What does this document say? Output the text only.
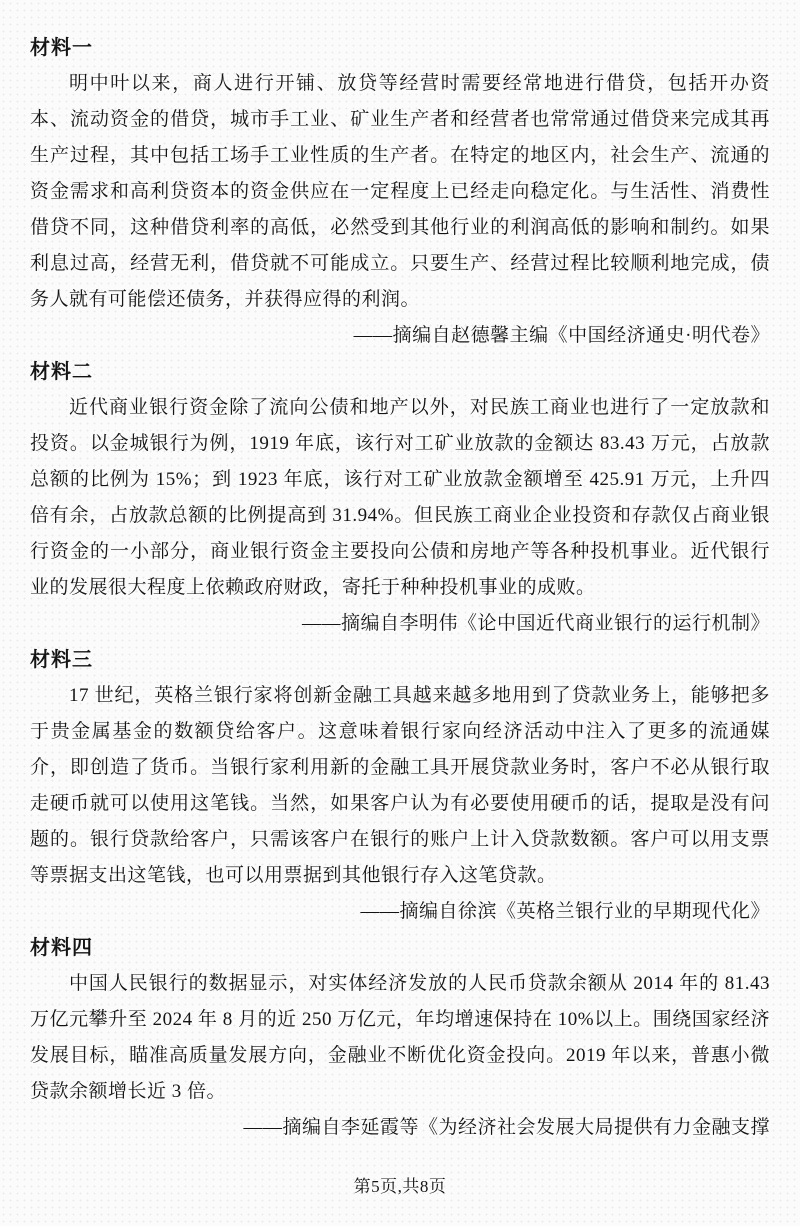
材料一

明中叶以来，商人进行开铺、放贷等经营时需要经常地进行借贷，包括开办资本、流动资金的借贷，城市手工业、矿业生产者和经营者也常常通过借贷来完成其再生产过程，其中包括工场手工业性质的生产者。在特定的地区内，社会生产、流通的资金需求和高利贷资本的资金供应在一定程度上已经走向稳定化。与生活性、消费性借贷不同，这种借贷利率的高低，必然受到其他行业的利润高低的影响和制约。如果利息过高，经营无利，借贷就不可能成立。只要生产、经营过程比较顺利地完成，债务人就有可能偿还债务，并获得应得的利润。

——摘编自赵德馨主编《中国经济通史·明代卷》

材料二

近代商业银行资金除了流向公债和地产以外，对民族工商业也进行了一定放款和投资。以金城银行为例，1919 年底，该行对工矿业放款的金额达 83.43 万元，占放款总额的比例为 15%；到 1923 年底，该行对工矿业放款金额增至 425.91 万元，上升四倍有余，占放款总额的比例提高到 31.94%。但民族工商业企业投资和存款仅占商业银行资金的一小部分，商业银行资金主要投向公债和房地产等各种投机事业。近代银行业的发展很大程度上依赖政府财政，寄托于种种投机事业的成败。

——摘编自李明伟《论中国近代商业银行的运行机制》

材料三

17 世纪，英格兰银行家将创新金融工具越来越多地用到了贷款业务上，能够把多于贵金属基金的数额贷给客户。这意味着银行家向经济活动中注入了更多的流通媒介，即创造了货币。当银行家利用新的金融工具开展贷款业务时，客户不必从银行取走硬币就可以使用这笔钱。当然，如果客户认为有必要使用硬币的话，提取是没有问题的。银行贷款给客户，只需该客户在银行的账户上计入贷款数额。客户可以用支票等票据支出这笔钱，也可以用票据到其他银行存入这笔贷款。

——摘编自徐滨《英格兰银行业的早期现代化》

材料四

中国人民银行的数据显示，对实体经济发放的人民币贷款余额从 2014 年的 81.43 万亿元攀升至 2024 年 8 月的近 250 万亿元，年均增速保持在 10%以上。围绕国家经济发展目标，瞄准高质量发展方向，金融业不断优化资金投向。2019 年以来，普惠小微贷款余额增长近 3 倍。

——摘编自李延霞等《为经济社会发展大局提供有力金融支撑

第5页,共8页
